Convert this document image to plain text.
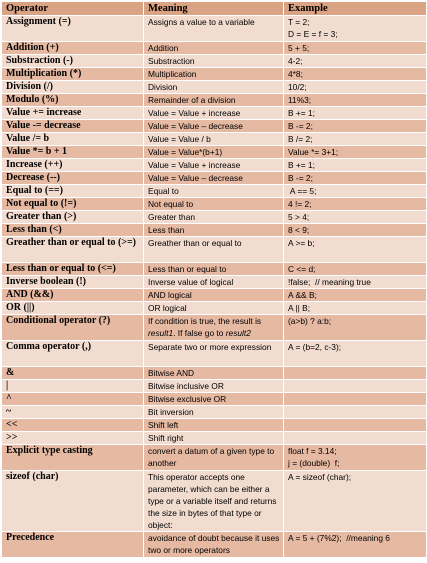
Operator	Meaning	Example
Assignment (=)	Assigns a value to a variable	T = 2;
D = E = f = 3;

Addition (+)	Addition	5 + 5;

Substraction (-)	Substraction	4-2;

Multiplication (*)	Multiplication	4*8;

Division (/)	Division	10/2;

Modulo (%)	Remainder of a division	11%3;

Value += increase	Value = Value + increase	B += 1;

Value -= decrease	Value = Value – decrease	B -= 2;

Value /= b	Value = Value / b	B /= 2;

Value *= b + 1	Value = Value*(b+1)	Value *= 3+1;

Increase (++)	Value = Value + increase	B += 1;

Decrease (--)	Value = Value – decrease	B -= 2;

Equal to (==)	Equal to	A == 5;

Not equal to (!=)	Not equal to	4 != 2;

Greater than (>)	Greater than	5 > 4;

Less than (<)	Less than	8 < 9;

Greather than or equal to (>=)	Greather than or equal to	A >= b;

Less than or equal to (<=)	Less than or equal to	C <= d;

Inverse boolean (!)	Inverse value of logical	!false;  // meaning true

AND (&&)	AND logical	A && B;

OR (||)	OR logical	A || B;

Conditional operator (?)	If condition is true, the result is result1. If false go to result2	(a>b) ? a:b;

Comma operator (,)	Separate two or more expression	A = (b=2, c-3);

&	Bitwise AND	

|	Bitwise inclusive OR	

^	Bitwise exclusive OR	

~	Bit inversion	

<<	Shift left	

>>	Shift right	

Explicit type casting	convert a datum of a given type to another	float f = 3.14;
j = (double)  f;

sizeof (char)	This operator accepts one parameter, which can be either a type or a variable itself and returns the size in bytes of that type or object:	A = sizeof (char);

Precedence	avoidance of doubt because it uses two or more operators	A = 5 + (7%2);  //meaning 6
